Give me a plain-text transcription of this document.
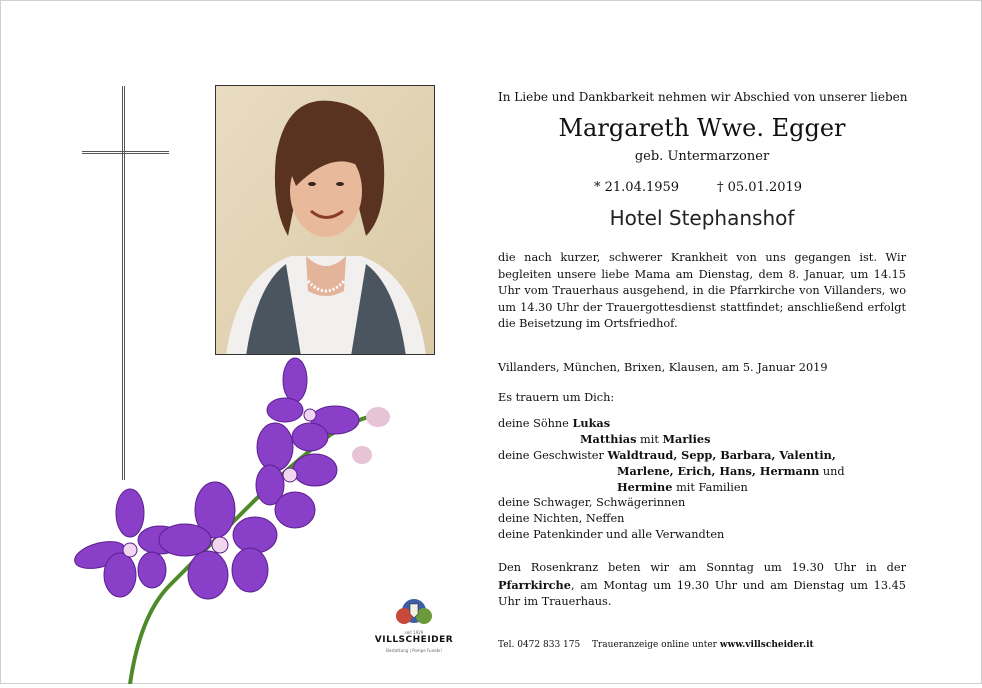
seit 1929
VILLSCHEIDER
Bestattung | Pompe Funebri
In Liebe und Dankbarkeit nehmen wir Abschied von unserer lieben
Margareth Wwe. Egger
geb. Untermarzoner
* 21.04.1959	† 05.01.2019
Hotel Stephanshof
die nach kurzer, schwerer Krankheit von uns gegangen ist. Wir begleiten unsere liebe Mama am Dienstag, dem 8. Januar, um 14.15 Uhr vom Trauerhaus ausgehend, in die Pfarrkirche von Villanders, wo um 14.30 Uhr der Trauergottesdienst stattfindet; anschließend erfolgt die Beisetzung im Ortsfriedhof.
Villanders, München, Brixen, Klausen, am 5. Januar 2019
Es trauern um Dich:
deine Söhne Lukas
Matthias mit Marlies
deine Geschwister Waldtraud, Sepp, Barbara, Valentin,
Marlene, Erich, Hans, Hermann und
Hermine mit Familien
deine Schwager, Schwägerinnen
deine Nichten, Neffen
deine Patenkinder und alle Verwandten
Den Rosenkranz beten wir am Sonntag um 19.30 Uhr in der Pfarrkirche, am Montag um 19.30 Uhr und am Dienstag um 13.45 Uhr im Trauerhaus.
Tel. 0472 833 175 Traueranzeige online unter www.villscheider.it
